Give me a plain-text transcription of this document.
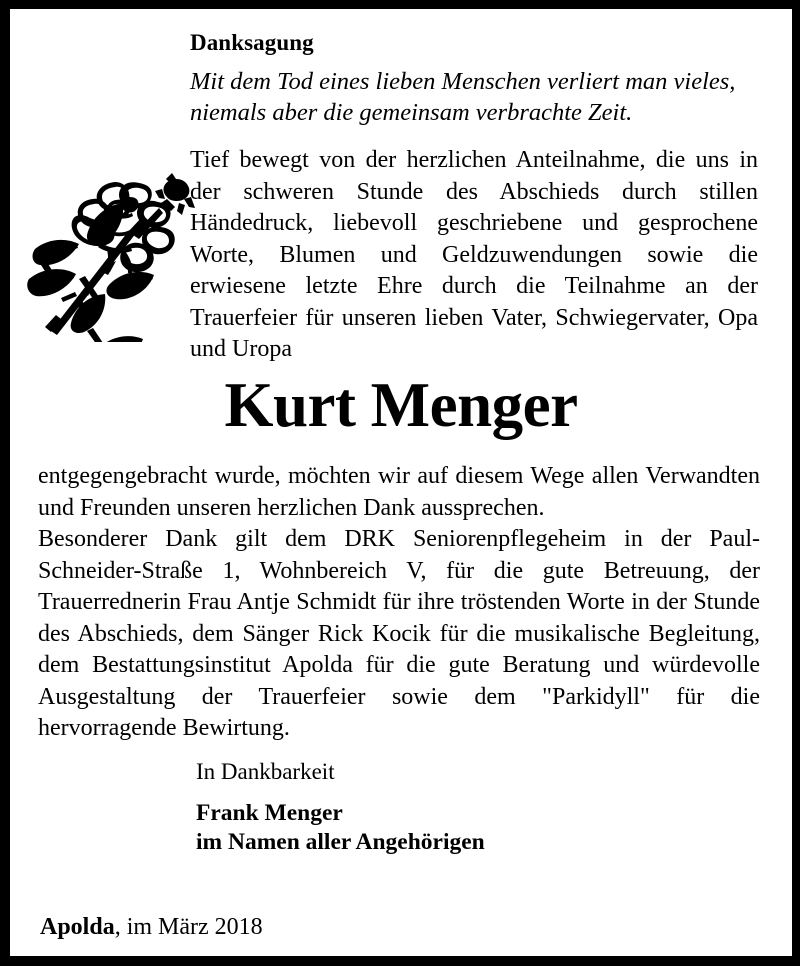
Danksagung
Mit dem Tod eines lieben Menschen verliert man vieles, niemals aber die gemeinsam verbrachte Zeit.
Tief bewegt von der herzlichen Anteilnahme, die uns in der schweren Stunde des Abschieds durch stillen Händedruck, liebevoll geschriebene und gesprochene Worte, Blumen und Geldzuwendungen sowie die erwiesene letzte Ehre durch die Teilnahme an der Trauerfeier für unseren lieben Vater, Schwiegervater, Opa und Uropa
Kurt Menger
entgegengebracht wurde, möchten wir auf diesem Wege allen Verwandten und Freunden unseren herzlichen Dank aussprechen.
Besonderer Dank gilt dem DRK Seniorenpflegeheim in der Paul-Schneider-Straße 1, Wohnbereich V, für die gute Betreuung, der Trauerrednerin Frau Antje Schmidt für ihre tröstenden Worte in der Stunde des Abschieds, dem Sänger Rick Kocik für die musikalische Begleitung, dem Bestattungsinstitut Apolda für die gute Beratung und würdevolle Ausgestaltung der Trauerfeier sowie dem "Parkidyll" für die hervorragende Bewirtung.
In Dankbarkeit
Frank Menger
im Namen aller Angehörigen
Apolda, im März 2018
